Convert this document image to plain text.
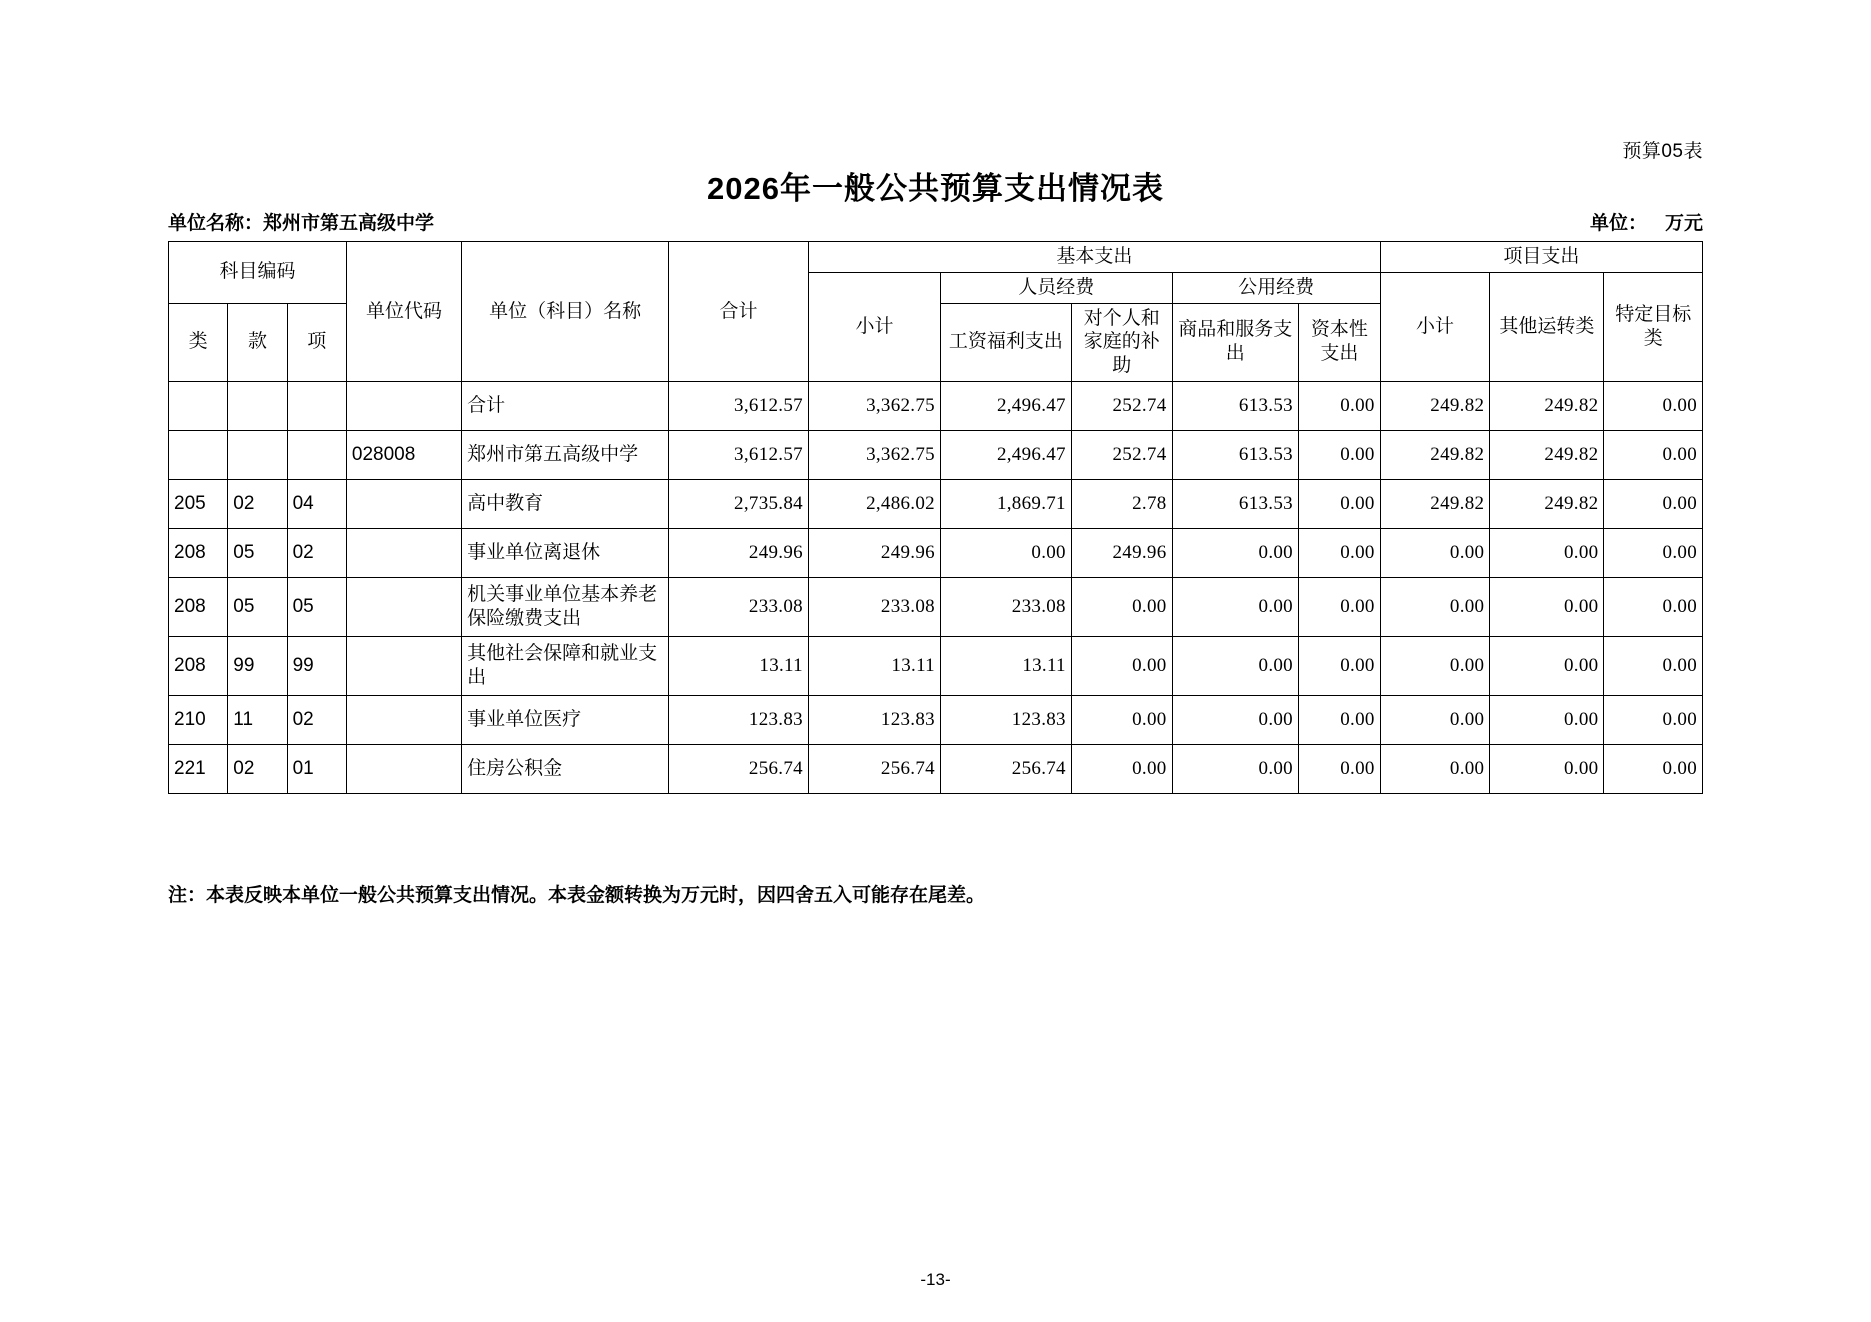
预算05表
2026年一般公共预算支出情况表
单位名称：郑州市第五高级中学	单位： 万元
科目编码			单位代码	单位（科目）名称	合计	基本支出					项目支出		
						小计	人员经费		公用经费		小计	其他运转类	特定目标类
类	款	项					工资福利支出	对个人和家庭的补助	商品和服务支出	资本性支出			
				合计	3,612.57	3,362.75	2,496.47	252.74	613.53	0.00	249.82	249.82	0.00
			028008	郑州市第五高级中学	3,612.57	3,362.75	2,496.47	252.74	613.53	0.00	249.82	249.82	0.00
205	02	04		高中教育	2,735.84	2,486.02	1,869.71	2.78	613.53	0.00	249.82	249.82	0.00
208	05	02		事业单位离退休	249.96	249.96	0.00	249.96	0.00	0.00	0.00	0.00	0.00
208	05	05		机关事业单位基本养老保险缴费支出	233.08	233.08	233.08	0.00	0.00	0.00	0.00	0.00	0.00
208	99	99		其他社会保障和就业支出	13.11	13.11	13.11	0.00	0.00	0.00	0.00	0.00	0.00
210	11	02		事业单位医疗	123.83	123.83	123.83	0.00	0.00	0.00	0.00	0.00	0.00
221	02	01		住房公积金	256.74	256.74	256.74	0.00	0.00	0.00	0.00	0.00	0.00
注：本表反映本单位一般公共预算支出情况。本表金额转换为万元时，因四舍五入可能存在尾差。
-13-
